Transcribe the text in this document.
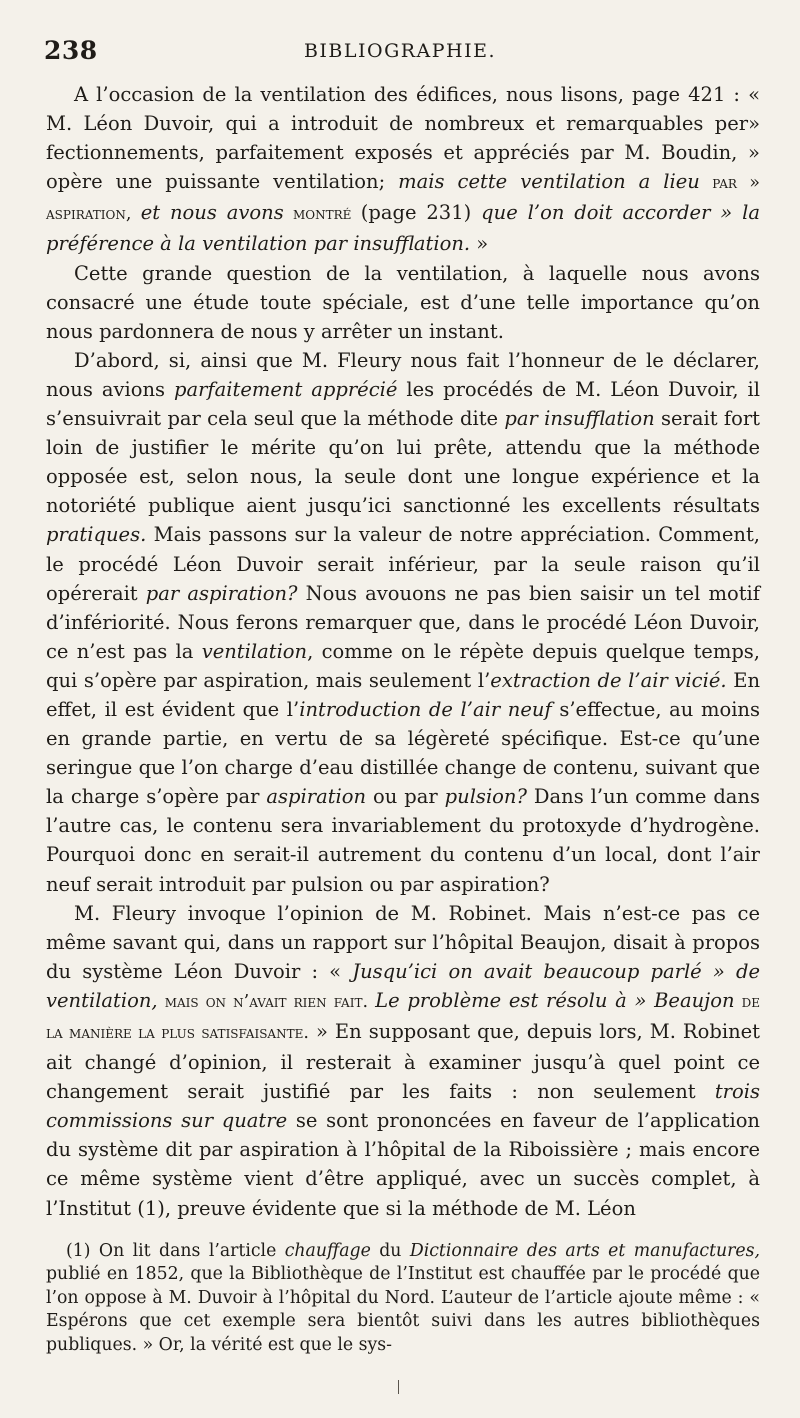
238	BIBLIOGRAPHIE.

A l’occasion de la ventilation des édifices, nous lisons, page 421 : « M. Léon Duvoir, qui a introduit de nombreux et remarquables per» fectionnements, parfaitement exposés et appréciés par M. Boudin, » opère une puissante ventilation; mais cette ventilation a lieu par » aspiration, et nous avons montré (page 231) que l’on doit accorder » la préférence à la ventilation par insufflation. »

Cette grande question de la ventilation, à laquelle nous avons consacré une étude toute spéciale, est d’une telle importance qu’on nous pardonnera de nous y arrêter un instant.

D’abord, si, ainsi que M. Fleury nous fait l’honneur de le déclarer, nous avions parfaitement apprécié les procédés de M. Léon Duvoir, il s’ensuivrait par cela seul que la méthode dite par insufflation serait fort loin de justifier le mérite qu’on lui prête, attendu que la méthode opposée est, selon nous, la seule dont une longue expérience et la notoriété publique aient jusqu’ici sanctionné les excellents résultats pratiques. Mais passons sur la valeur de notre appréciation. Comment, le procédé Léon Duvoir serait inférieur, par la seule raison qu’il opérerait par aspiration? Nous avouons ne pas bien saisir un tel motif d’infériorité. Nous ferons remarquer que, dans le procédé Léon Duvoir, ce n’est pas la ventilation, comme on le répète depuis quelque temps, qui s’opère par aspiration, mais seulement l’extraction de l’air vicié. En effet, il est évident que l’introduction de l’air neuf s’effectue, au moins en grande partie, en vertu de sa légèreté spécifique. Est-ce qu’une seringue que l’on charge d’eau distillée change de contenu, suivant que la charge s’opère par aspiration ou par pulsion? Dans l’un comme dans l’autre cas, le contenu sera invariablement du protoxyde d’hydrogène. Pourquoi donc en serait-il autrement du contenu d’un local, dont l’air neuf serait introduit par pulsion ou par aspiration?

M. Fleury invoque l’opinion de M. Robinet. Mais n’est-ce pas ce même savant qui, dans un rapport sur l’hôpital Beaujon, disait à propos du système Léon Duvoir : « Jusqu’ici on avait beaucoup parlé » de ventilation, mais on n’avait rien fait. Le problème est résolu à » Beaujon de la manière la plus satisfaisante. » En supposant que, depuis lors, M. Robinet ait changé d’opinion, il resterait à examiner jusqu’à quel point ce changement serait justifié par les faits : non seulement trois commissions sur quatre se sont prononcées en faveur de l’application du système dit par aspiration à l’hôpital de la Riboissière ; mais encore ce même système vient d’être appliqué, avec un succès complet, à l’Institut (1), preuve évidente que si la méthode de M. Léon

(1) On lit dans l’article chauffage du Dictionnaire des arts et manufactures, publié en 1852, que la Bibliothèque de l’Institut est chauffée par le procédé que l’on oppose à M. Duvoir à l’hôpital du Nord. L’auteur de l’article ajoute même : « Espérons que cet exemple sera bientôt suivi dans les autres bibliothèques publiques. » Or, la vérité est que le sys-
